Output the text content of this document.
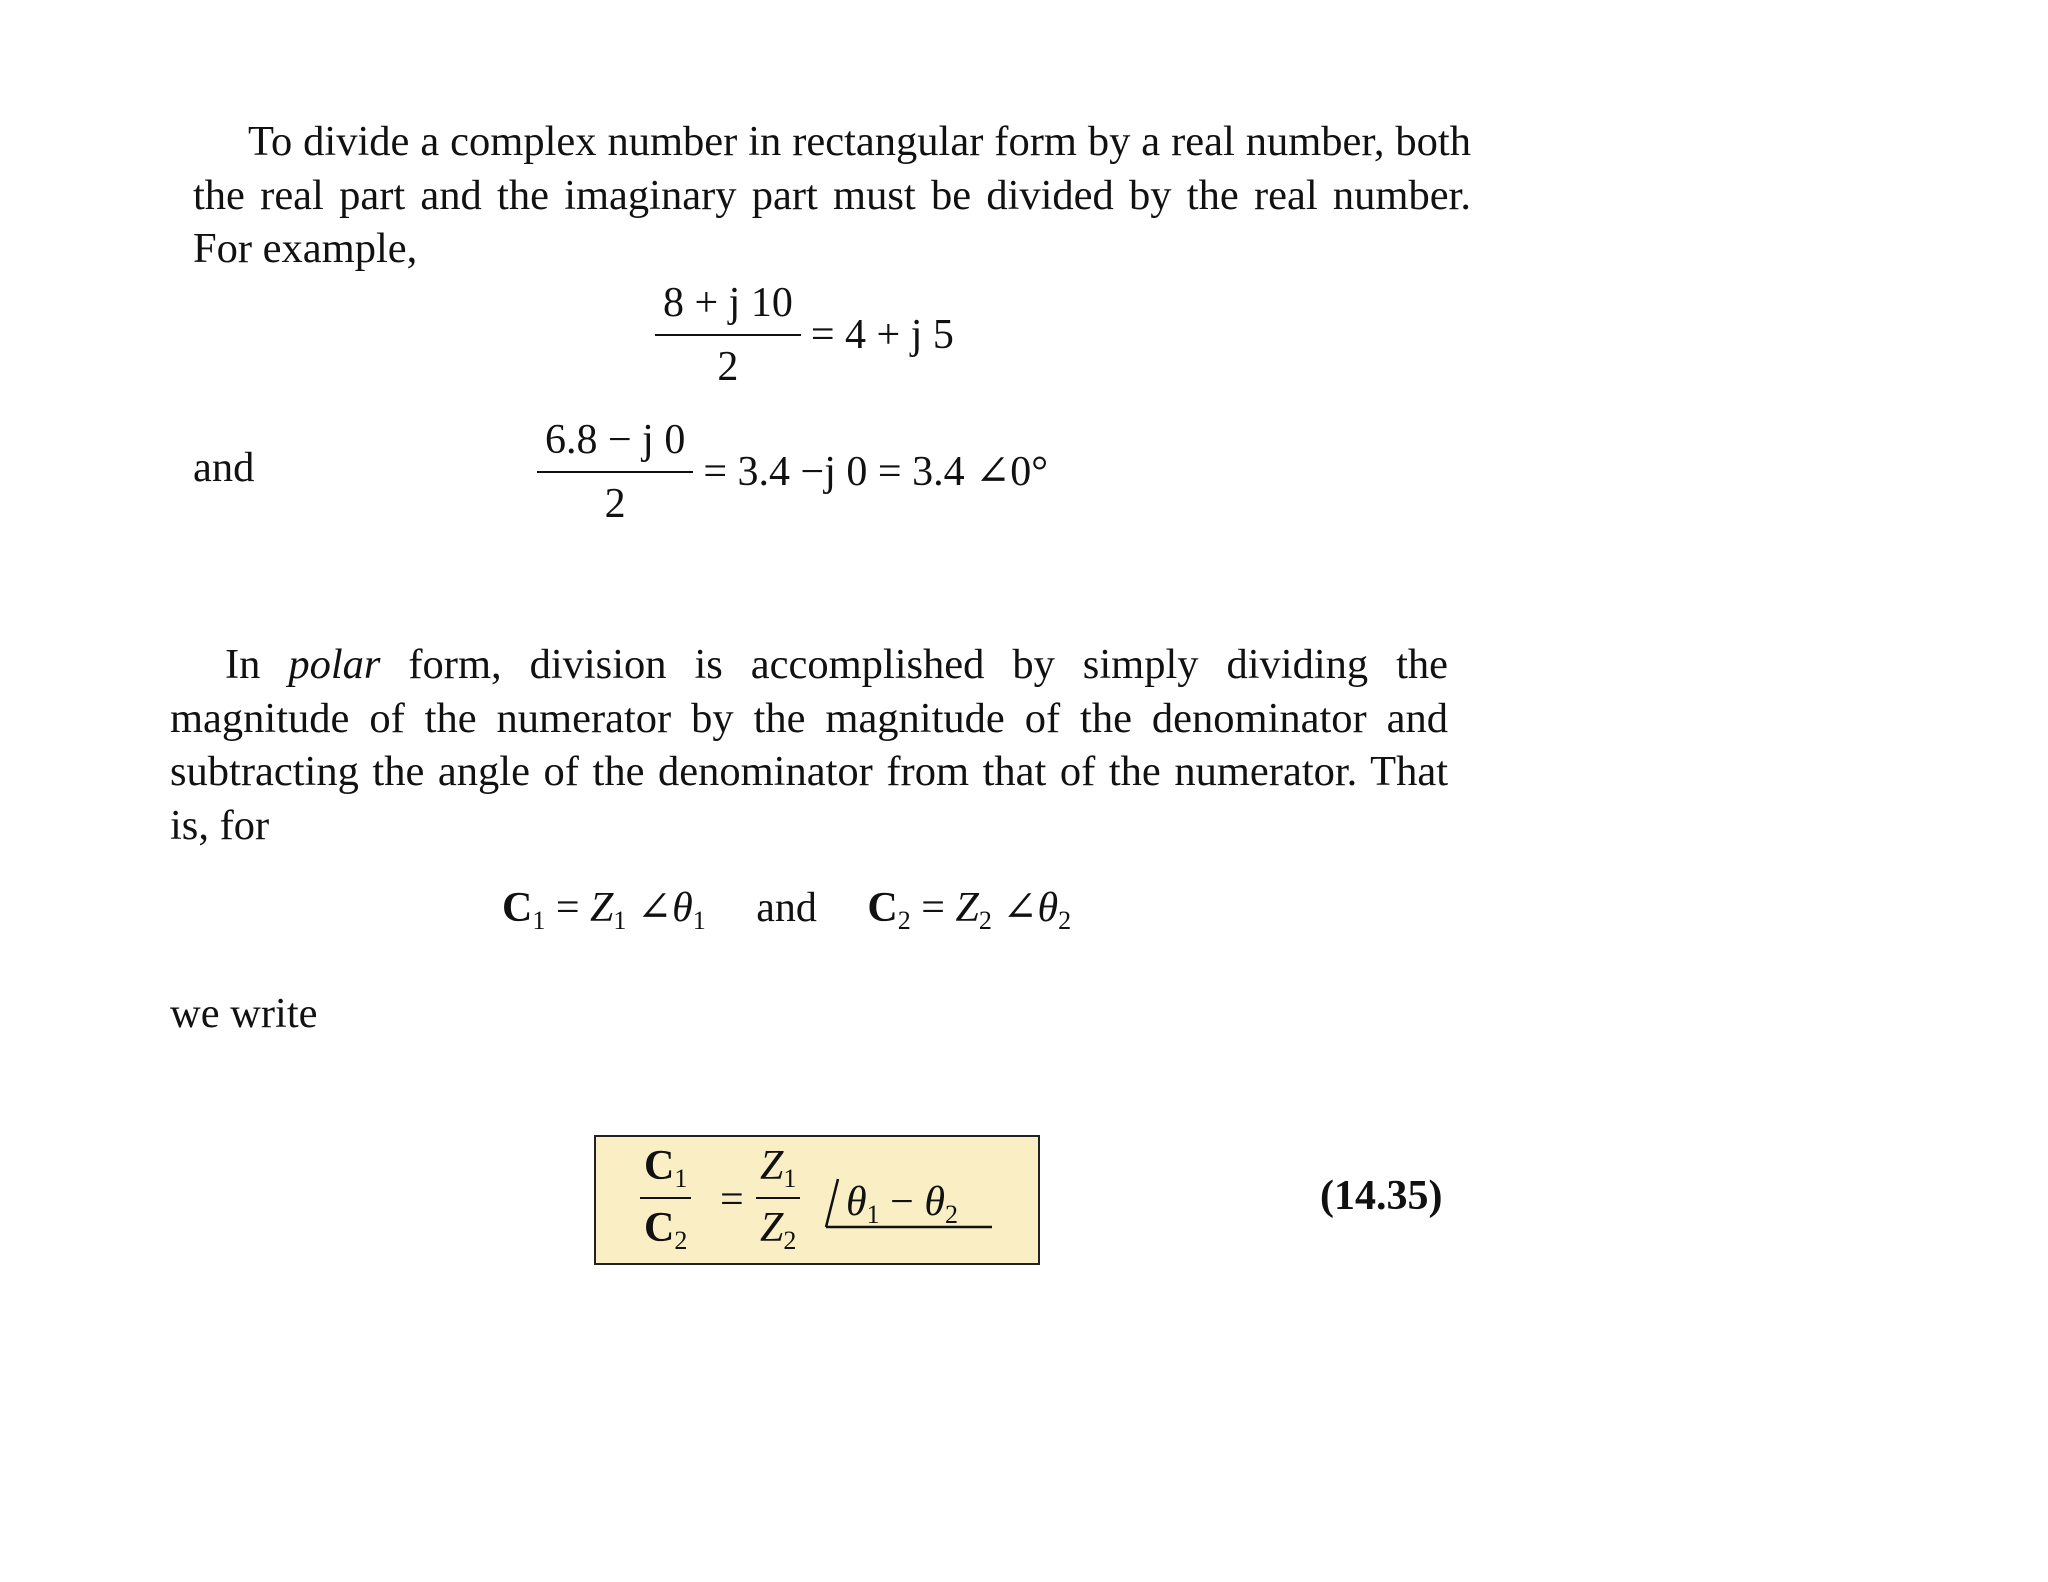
To divide a complex number in rectangular form by a real number, both the real part and the imaginary part must be divided by the real number. For example,

$\frac{8 + j 10}{2} = 4 + j$ 5
and	$\frac{6.8 - j 0}{2} = 3.4 -j$ 0 = 3.4 ∠0°

In polar form, division is accomplished by simply dividing the magnitude of the numerator by the magnitude of the denominator and subtracting the angle of the denominator from that of the numerator. That is, for

$C_1 = Z_1$ $\angle\theta_1$ and $C_2 = Z_2$ $\angle\theta_2$
we write
$C_1$
$C_2$
=
$Z_1$
$Z_2$
$\theta_1 - \theta_2$	(14.35)
